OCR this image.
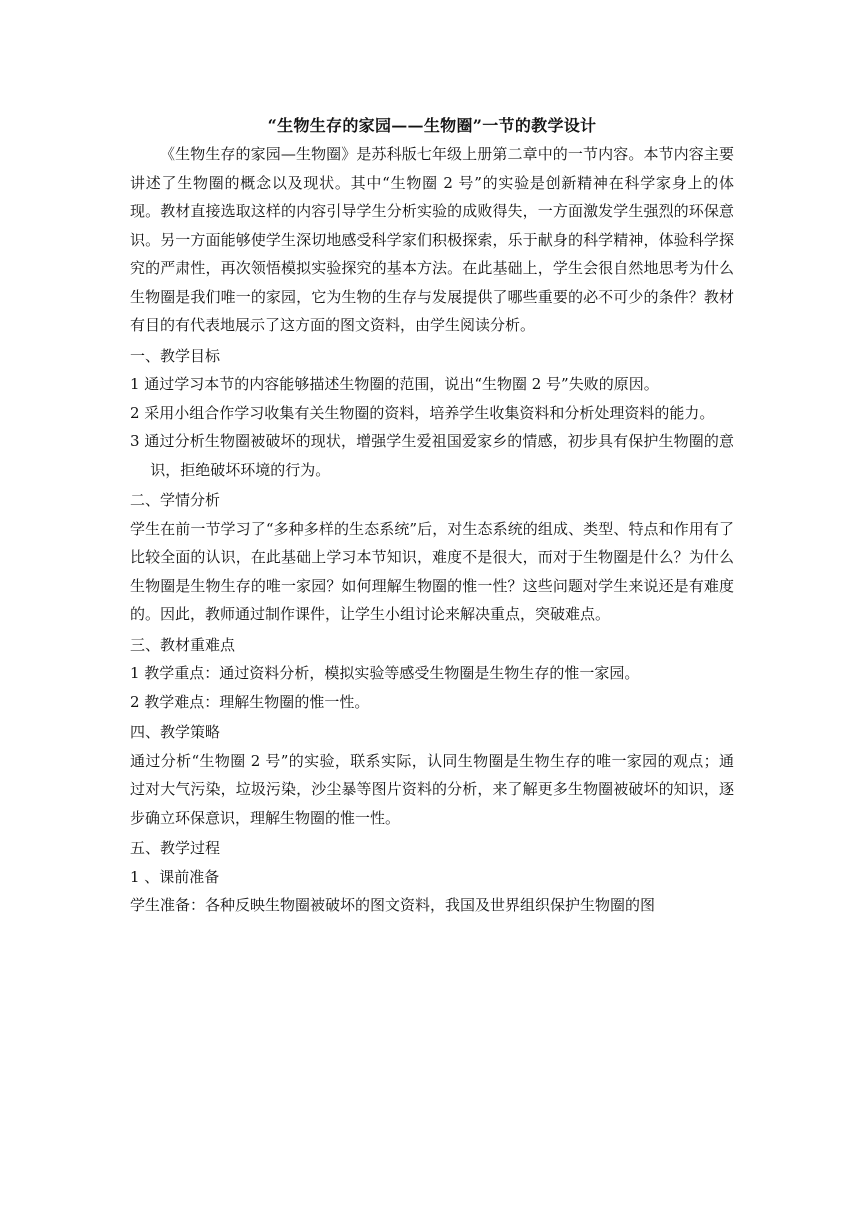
“生物生存的家园——生物圈”一节的教学设计

《生物生存的家园—生物圈》是苏科版七年级上册第二章中的一节内容。本节内容主要讲述了生物圈的概念以及现状。其中“生物圈 2 号”的实验是创新精神在科学家身上的体现。教材直接选取这样的内容引导学生分析实验的成败得失，一方面激发学生强烈的环保意识。另一方面能够使学生深切地感受科学家们积极探索，乐于献身的科学精神，体验科学探究的严肃性，再次领悟模拟实验探究的基本方法。在此基础上，学生会很自然地思考为什么生物圈是我们唯一的家园，它为生物的生存与发展提供了哪些重要的必不可少的条件？教材有目的有代表地展示了这方面的图文资料，由学生阅读分析。

一、教学目标

1 通过学习本节的内容能够描述生物圈的范围，说出“生物圈 2 号”失败的原因。

2 采用小组合作学习收集有关生物圈的资料，培养学生收集资料和分析处理资料的能力。

3 通过分析生物圈被破坏的现状，增强学生爱祖国爱家乡的情感，初步具有保护生物圈的意识，拒绝破坏环境的行为。

二、学情分析

学生在前一节学习了“多种多样的生态系统”后，对生态系统的组成、类型、特点和作用有了比较全面的认识，在此基础上学习本节知识，难度不是很大，而对于生物圈是什么？为什么生物圈是生物生存的唯一家园？如何理解生物圈的惟一性？这些问题对学生来说还是有难度的。因此，教师通过制作课件，让学生小组讨论来解决重点，突破难点。

三、教材重难点

1 教学重点：通过资料分析，模拟实验等感受生物圈是生物生存的惟一家园。

2 教学难点：理解生物圈的惟一性。

四、教学策略

通过分析“生物圈 2 号”的实验，联系实际，认同生物圈是生物生存的唯一家园的观点；通过对大气污染，垃圾污染，沙尘暴等图片资料的分析，来了解更多生物圈被破坏的知识，逐步确立环保意识，理解生物圈的惟一性。

五、教学过程

1 、课前准备

学生准备：各种反映生物圈被破坏的图文资料，我国及世界组织保护生物圈的图
